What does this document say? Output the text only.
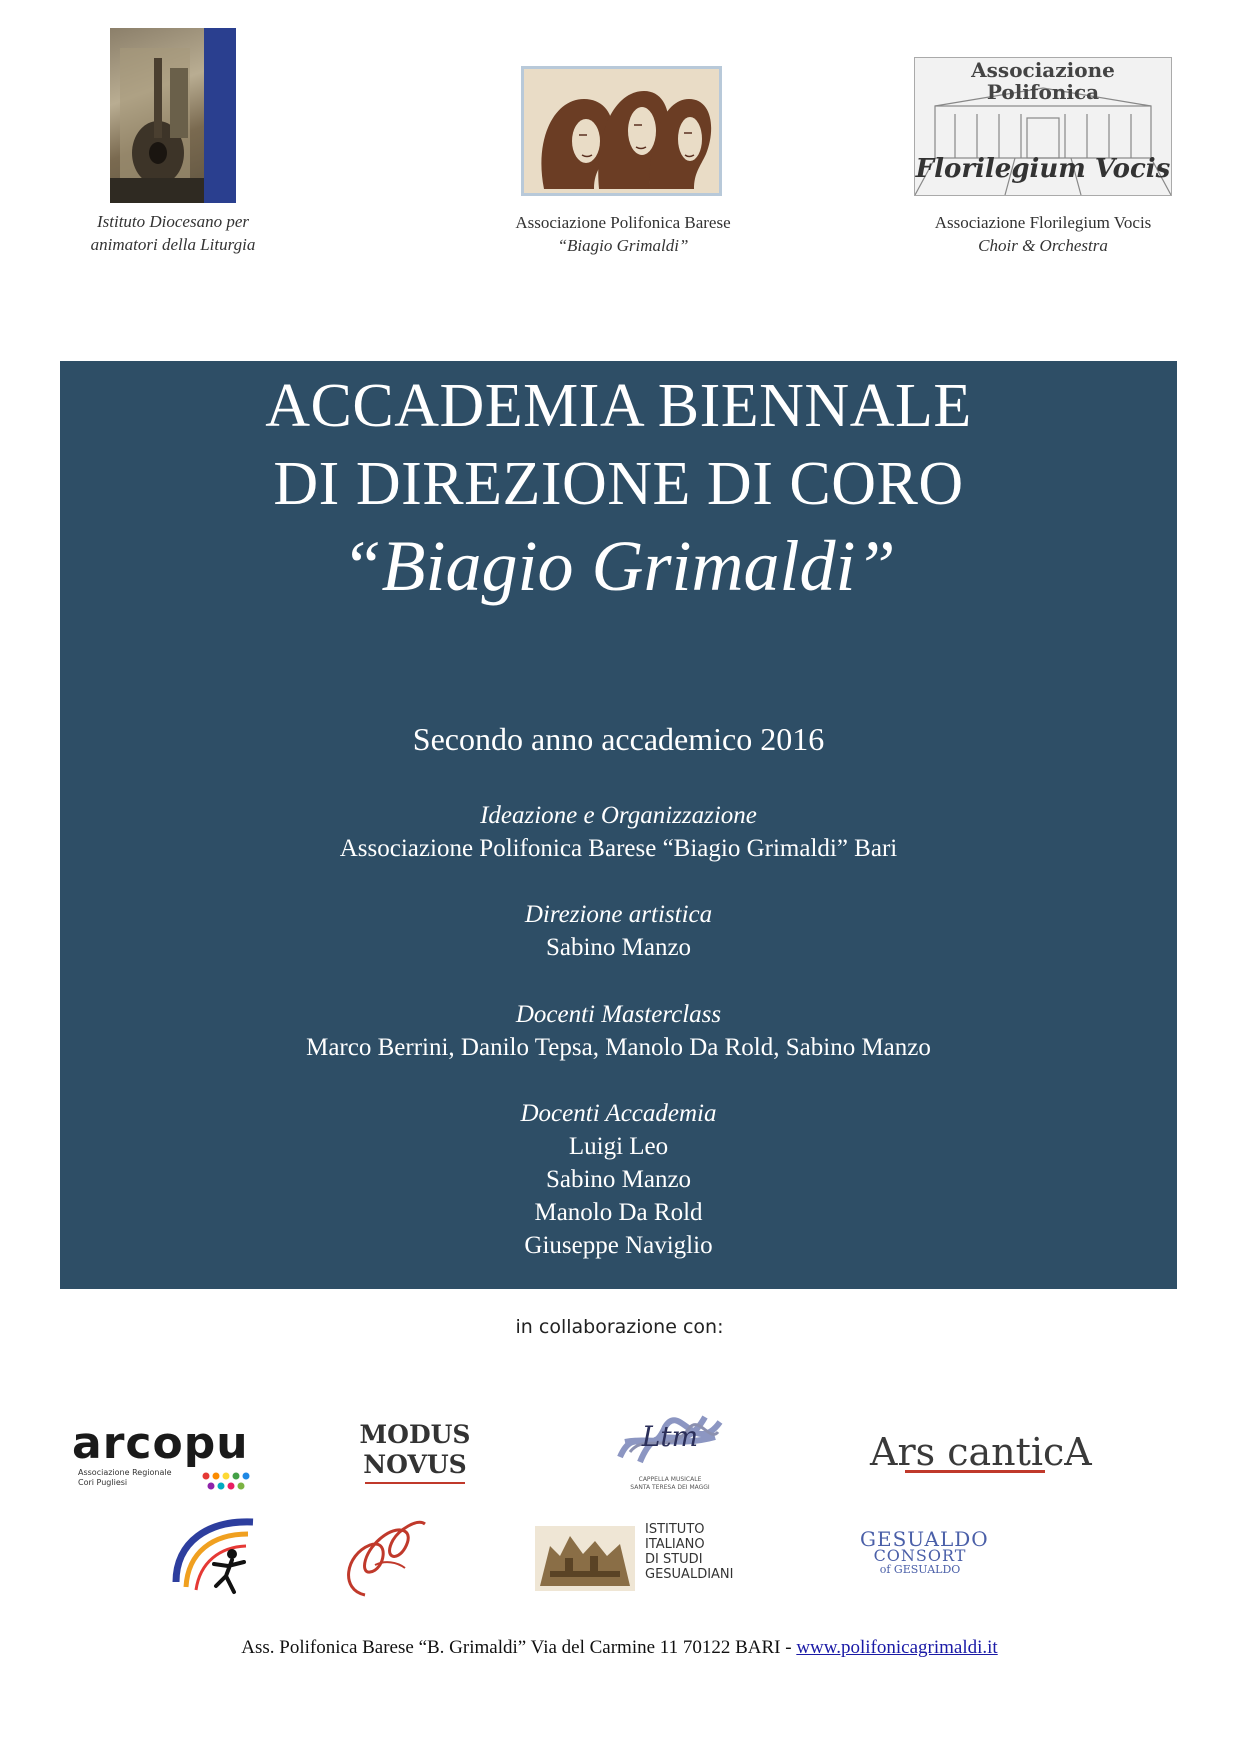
Istituto Diocesano per
animatori della Liturgia
Associazione Polifonica Barese
“Biagio Grimaldi”
Associazione
Polifonica
Florilegium Vocis
Associazione Florilegium Vocis
Choir & Orchestra
ACCADEMIA BIENNALE
DI DIREZIONE DI CORO
“Biagio Grimaldi”
Secondo anno accademico 2016
Ideazione e Organizzazione
Associazione Polifonica Barese “Biagio Grimaldi” Bari
Direzione artistica
Sabino Manzo
Docenti Masterclass
Marco Berrini, Danilo Tepsa, Manolo Da Rold, Sabino Manzo
Docenti Accademia
Luigi Leo
Sabino Manzo
Manolo Da Rold
Giuseppe Naviglio
in collaborazione con:
arcopu
Associazione Regionale
Cori Pugliesi
MODUS
NOVUS
Ltm
CAPPELLA MUSICALE
SANTA TERESA DEI MAGGI
Ars canticA
ISTITUTO
ITALIANO
DI STUDI
GESUALDIANI
GESUALDO
CONSORT
of GESUALDO
Ass. Polifonica Barese “B. Grimaldi” Via del Carmine 11 70122 BARI - www.polifonicagrimaldi.it
